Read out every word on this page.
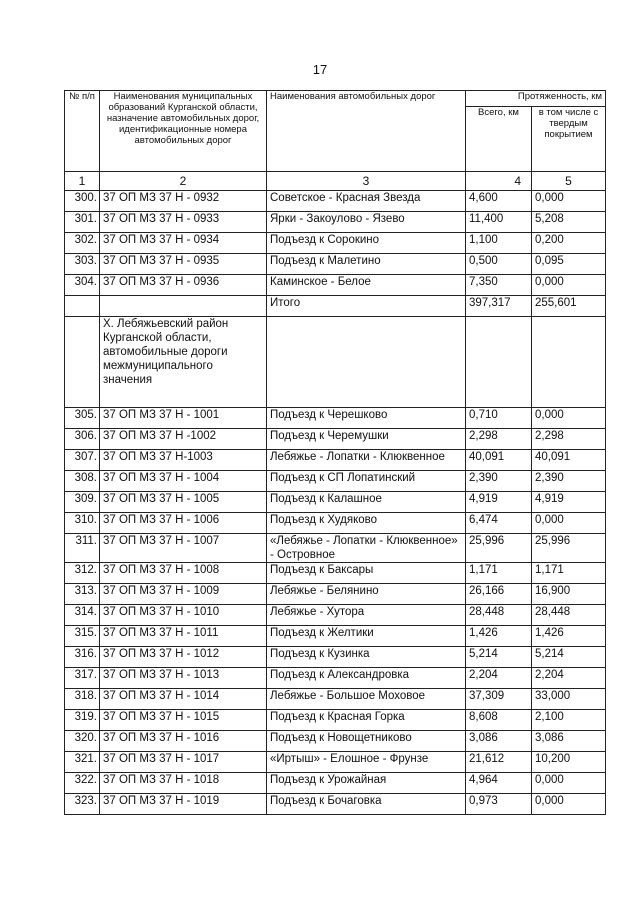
17
№ п/п	Наименования муниципальных образований Курганской области, назначение автомобильных дорог, идентификационные номера автомобильных дорог	Наименования автомобильных дорог	Протяженность, км	
			Всего, км	в том числе с твердым покрытием
1	2	3	4	5
300.	37 ОП МЗ 37 Н - 0932	Советское - Красная Звезда	4,600	0,000
301.	37 ОП МЗ 37 Н - 0933	Ярки - Закоулово - Язево	11,400	5,208
302.	37 ОП МЗ 37 Н - 0934	Подъезд к Сорокино	1,100	0,200
303.	37 ОП МЗ 37 Н - 0935	Подъезд к Малетино	0,500	0,095
304.	37 ОП МЗ 37 Н - 0936	Каминское - Белое	7,350	0,000
		Итого	397,317	255,601
	X. Лебяжьевский район Курганской области, автомобильные дороги межмуниципального значения			
305.	37 ОП МЗ 37 Н - 1001	Подъезд к Черешково	0,710	0,000
306.	37 ОП МЗ 37 Н -1002	Подъезд к Черемушки	2,298	2,298
307.	37 ОП МЗ 37 Н-1003	Лебяжье - Лопатки - Клюквенное	40,091	40,091
308.	37 ОП МЗ 37 Н - 1004	Подъезд к СП Лопатинский	2,390	2,390
309.	37 ОП МЗ 37 Н - 1005	Подъезд к Калашное	4,919	4,919
310.	37 ОП МЗ 37 Н - 1006	Подъезд к Худяково	6,474	0,000
311.	37 ОП МЗ 37 Н - 1007	«Лебяжье - Лопатки - Клюквенное» - Островное	25,996	25,996
312.	37 ОП МЗ 37 Н - 1008	Подъезд к Баксары	1,171	1,171
313.	37 ОП МЗ 37 Н - 1009	Лебяжье - Белянино	26,166	16,900
314.	37 ОП МЗ 37 Н - 1010	Лебяжье - Хутора	28,448	28,448
315.	37 ОП МЗ 37 Н - 1011	Подъезд к Желтики	1,426	1,426
316.	37 ОП МЗ 37 Н - 1012	Подъезд к Кузинка	5,214	5,214
317.	37 ОП МЗ 37 Н - 1013	Подъезд к Александровка	2,204	2,204
318.	37 ОП МЗ 37 Н - 1014	Лебяжье - Большое Моховое	37,309	33,000
319.	37 ОП МЗ 37 Н - 1015	Подъезд к Красная Горка	8,608	2,100
320.	37 ОП МЗ 37 Н - 1016	Подъезд к Новощетниково	3,086	3,086
321.	37 ОП МЗ 37 Н - 1017	«Иртыш» - Елошное - Фрунзе	21,612	10,200
322.	37 ОП МЗ 37 Н - 1018	Подъезд к Урожайная	4,964	0,000
323.	37 ОП МЗ 37 Н - 1019	Подъезд к Бочаговка	0,973	0,000
